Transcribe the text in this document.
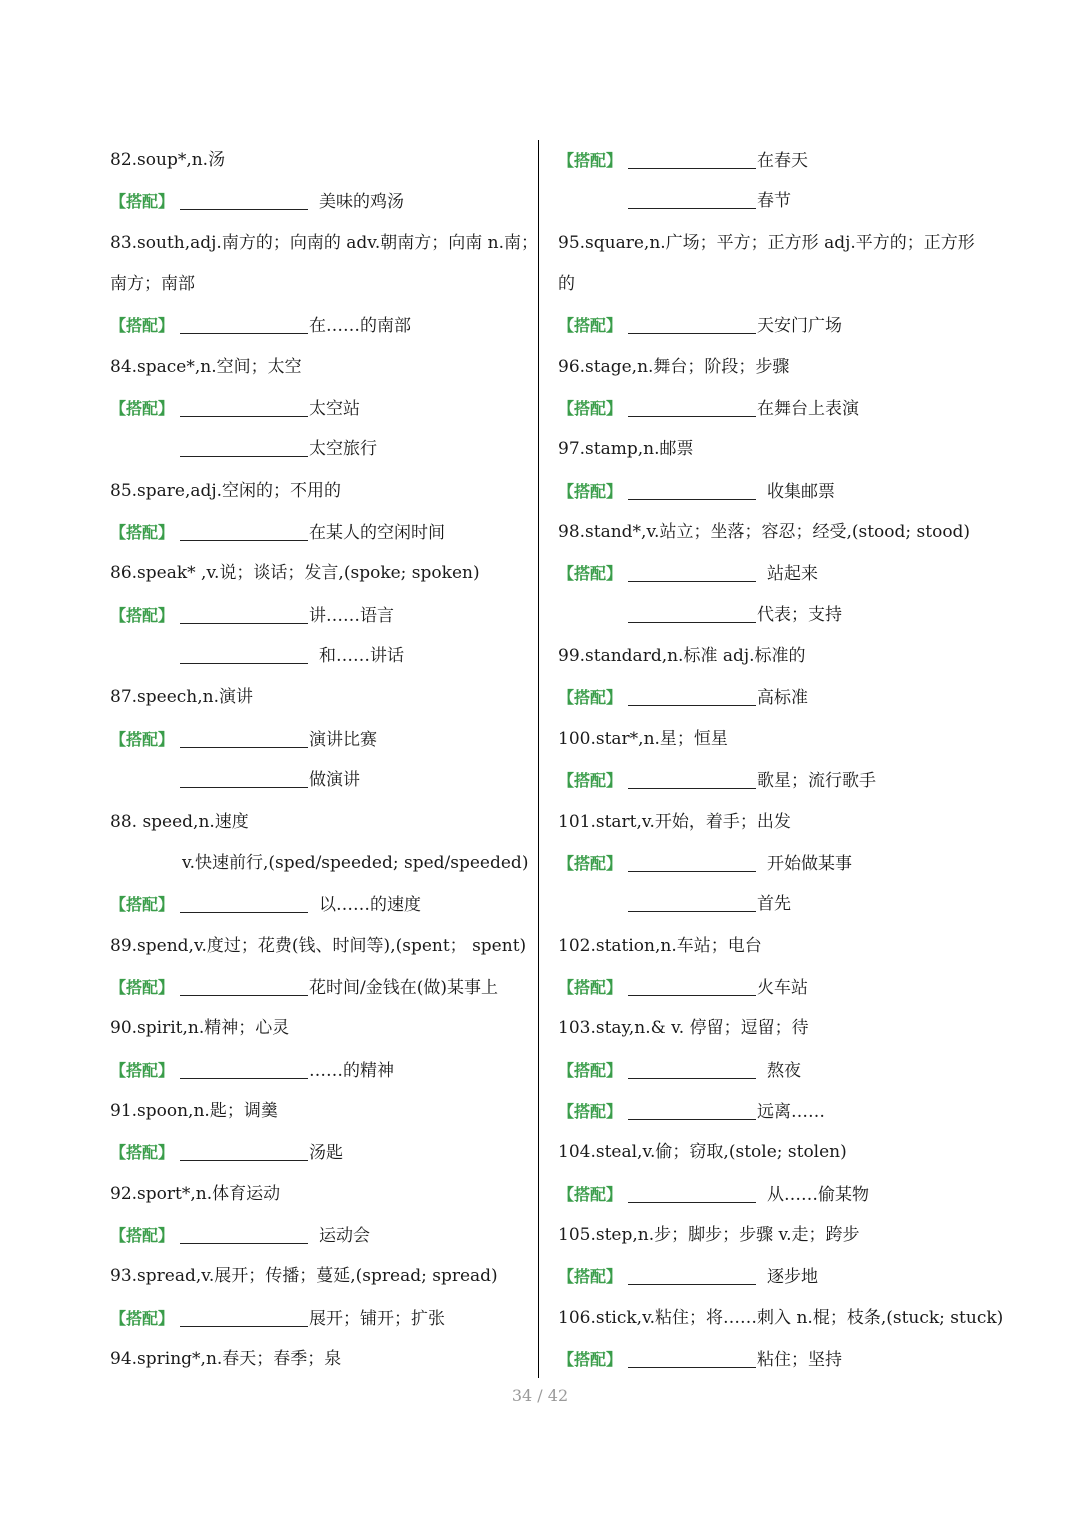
82.soup*,n.汤
【搭配】	美味的鸡汤
83.south,adj.南方的；向南的 adv.朝南方；向南 n.南；
南方；南部
【搭配】	在……的南部
84.space*,n.空间；太空
【搭配】	太空站
太空旅行
85.spare,adj.空闲的；不用的
【搭配】	在某人的空闲时间
86.speak* ,v.说；谈话；发言,(spoke; spoken)
【搭配】	讲……语言
和……讲话
87.speech,n.演讲
【搭配】	演讲比赛
做演讲
88. speed,n.速度
v.快速前行,(sped/speeded; sped/speeded)
【搭配】	以……的速度
89.spend,v.度过；花费(钱、时间等),(spent； spent)
【搭配】	花时间/金钱在(做)某事上
90.spirit,n.精神；心灵
【搭配】	……的精神
91.spoon,n.匙；调羹
【搭配】	汤匙
92.sport*,n.体育运动
【搭配】	运动会
93.spread,v.展开；传播；蔓延,(spread; spread)
【搭配】	展开；铺开；扩张
94.spring*,n.春天；春季；泉
【搭配】	在春天
春节
95.square,n.广场；平方；正方形 adj.平方的；正方形
的
【搭配】	天安门广场
96.stage,n.舞台；阶段；步骤
【搭配】	在舞台上表演
97.stamp,n.邮票
【搭配】	收集邮票
98.stand*,v.站立；坐落；容忍；经受,(stood; stood)
【搭配】	站起来
代表；支持
99.standard,n.标准 adj.标准的
【搭配】	高标准
100.star*,n.星；恒星
【搭配】	歌星；流行歌手
101.start,v.开始，着手；出发
【搭配】	开始做某事
首先
102.station,n.车站；电台
【搭配】	火车站
103.stay,n.& v. 停留；逗留；待
【搭配】	熬夜
【搭配】	远离……
104.steal,v.偷；窃取,(stole; stolen)
【搭配】	从……偷某物
105.step,n.步；脚步；步骤 v.走；跨步
【搭配】	逐步地
106.stick,v.粘住；将……刺入 n.棍；枝条,(stuck; stuck)
【搭配】	粘住；坚持
34 / 42
